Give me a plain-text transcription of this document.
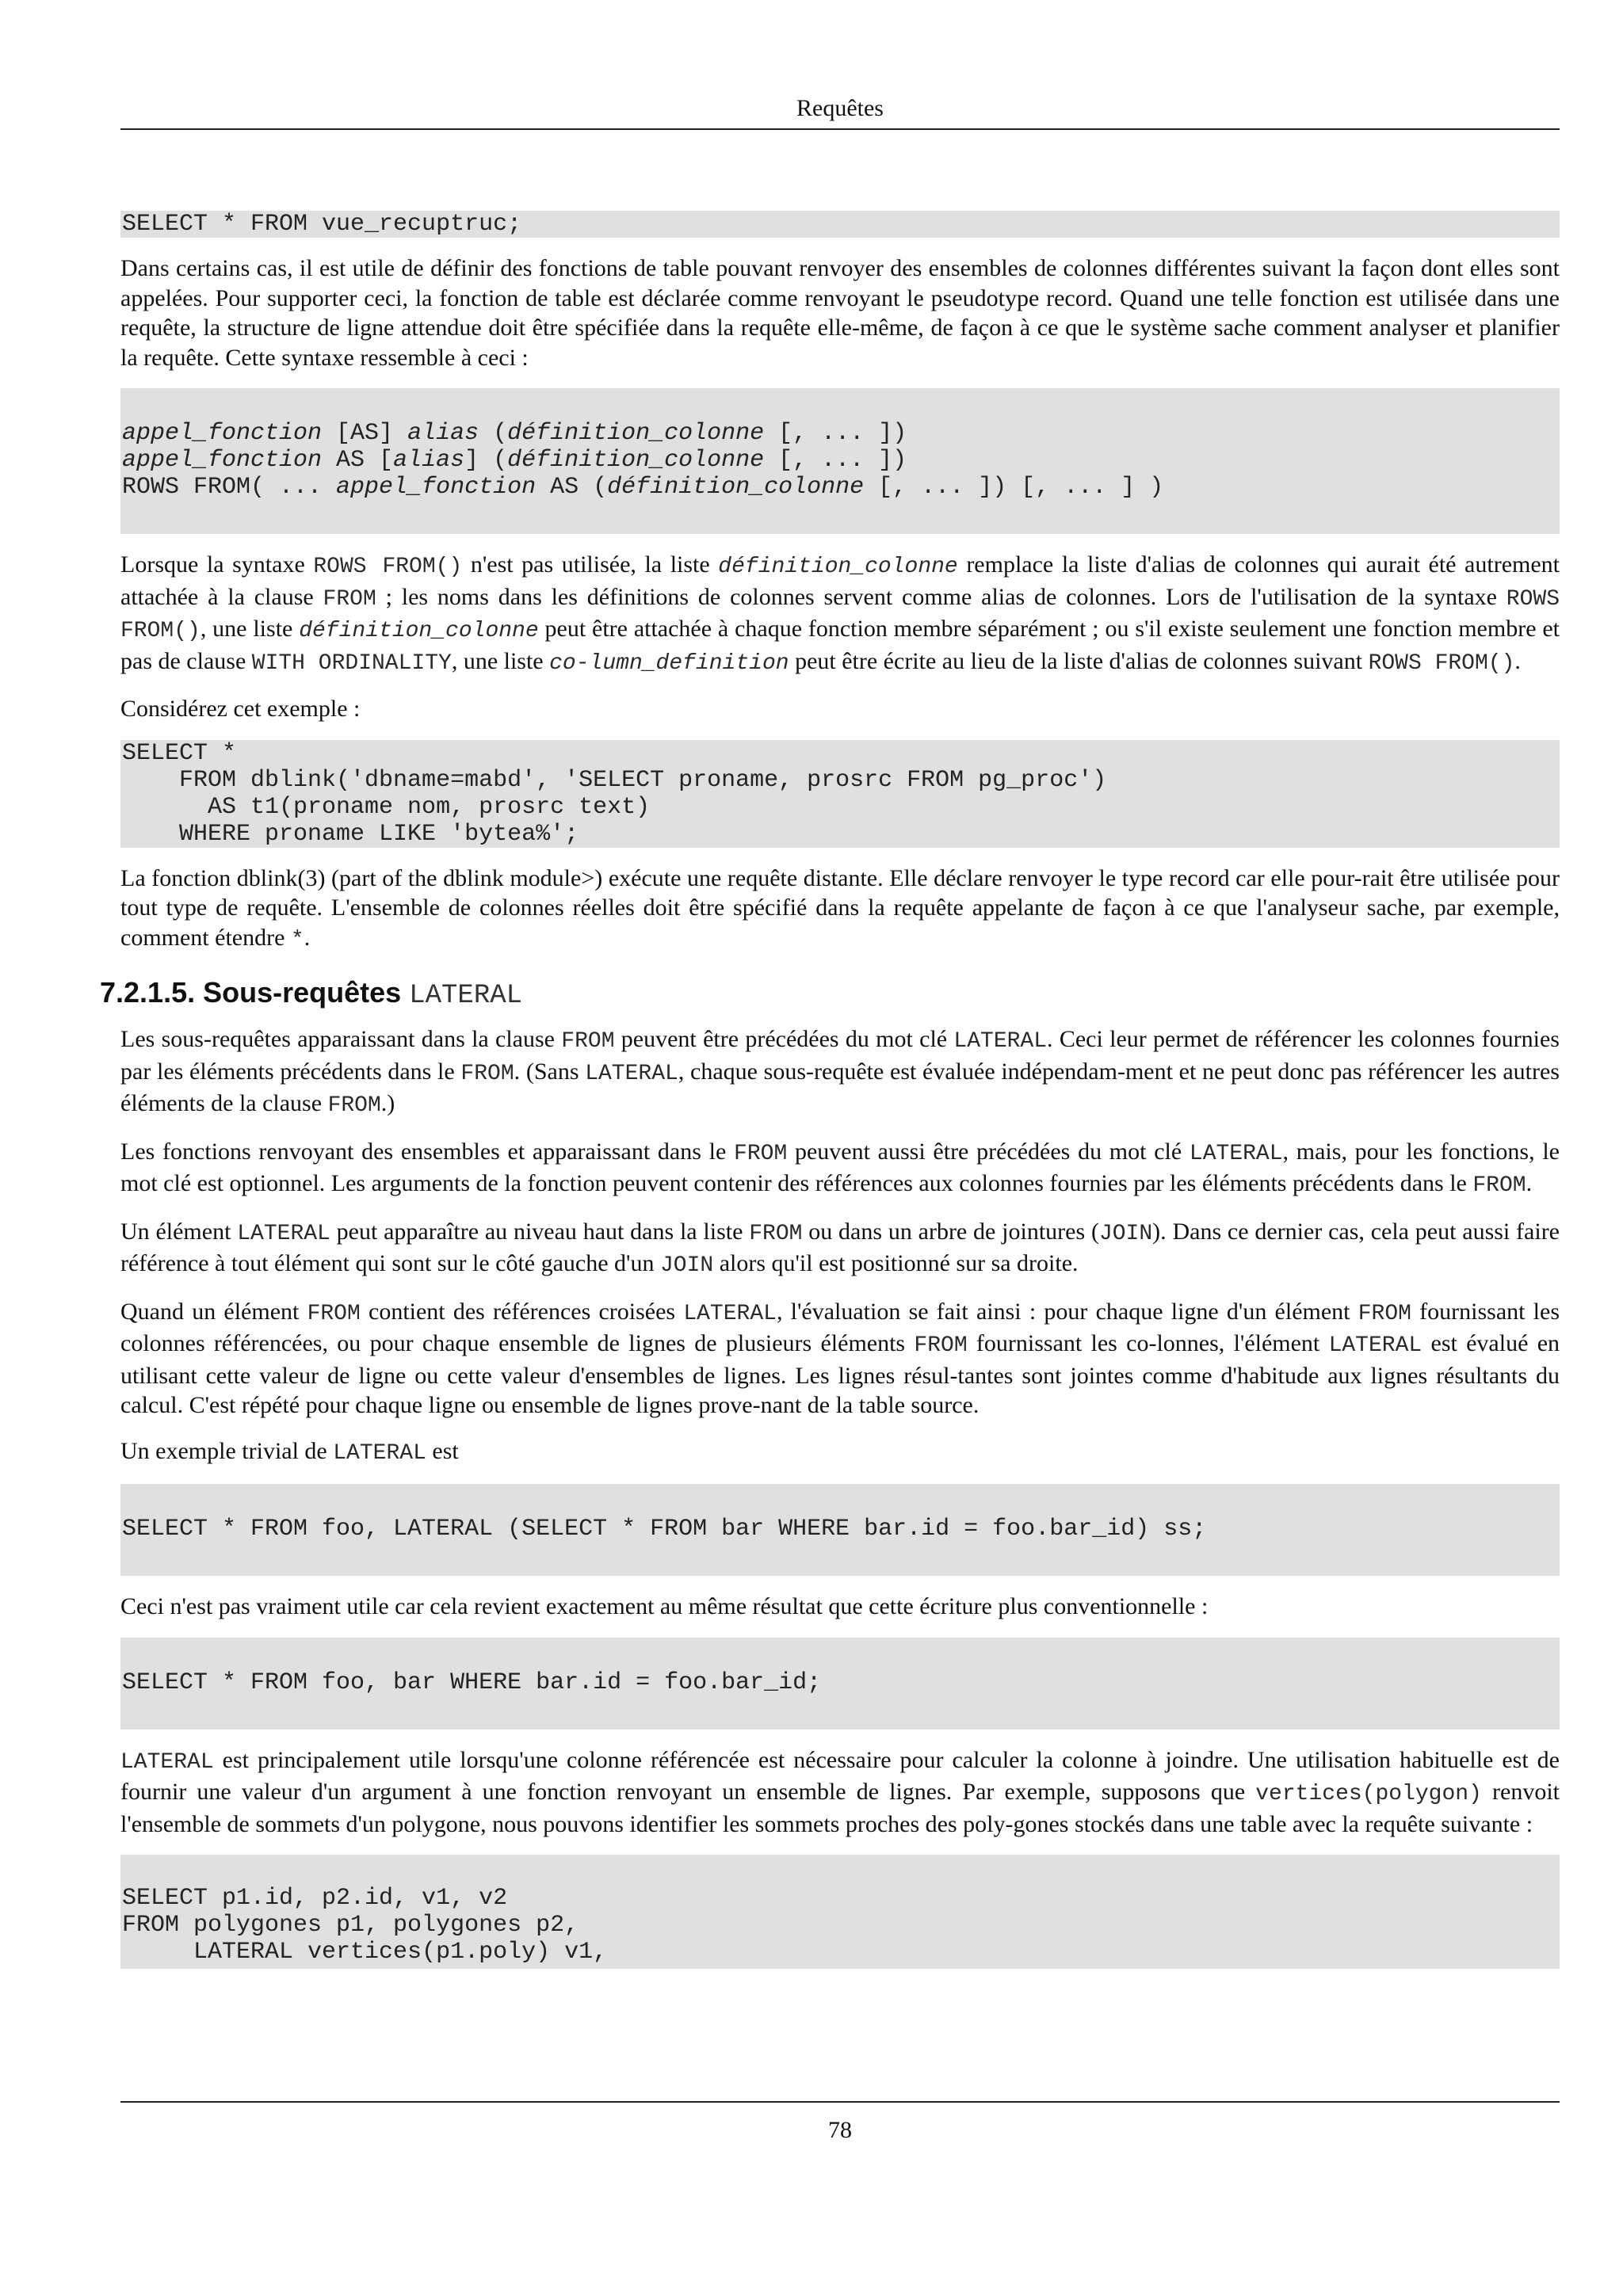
Requêtes
SELECT * FROM vue_recuptruc;

Dans certains cas, il est utile de définir des fonctions de table pouvant renvoyer des ensembles de colonnes différentes suivant la façon dont elles sont appelées. Pour supporter ceci, la fonction de table est déclarée comme renvoyant le pseudotype record. Quand une telle fonction est utilisée dans une requête, la structure de ligne attendue doit être spécifiée dans la requête elle-même, de façon à ce que le système sache comment analyser et planifier la requête. Cette syntaxe ressemble à ceci :

appel_fonction [AS] alias (définition_colonne [, ... ])
appel_fonction AS [alias] (définition_colonne [, ... ])
ROWS FROM( ... appel_fonction AS (définition_colonne [, ... ]) [, ... ] )

Lorsque la syntaxe ROWS FROM() n'est pas utilisée, la liste définition_colonne remplace la liste d'alias de colonnes qui aurait été autrement attachée à la clause FROM ; les noms dans les définitions de colonnes servent comme alias de colonnes. Lors de l'utilisation de la syntaxe ROWS FROM(), une liste définition_colonne peut être attachée à chaque fonction membre séparément ; ou s'il existe seulement une fonction membre et pas de clause WITH ORDINALITY, une liste co-lumn_definition peut être écrite au lieu de la liste d'alias de colonnes suivant ROWS FROM().

Considérez cet exemple :

SELECT *
FROM dblink('dbname=mabd', 'SELECT proname, prosrc FROM pg_proc')
AS t1(proname nom, prosrc text)
WHERE proname LIKE 'bytea%';

La fonction dblink(3) (part of the dblink module>) exécute une requête distante. Elle déclare renvoyer le type record car elle pour-rait être utilisée pour tout type de requête. L'ensemble de colonnes réelles doit être spécifié dans la requête appelante de façon à ce que l'analyseur sache, par exemple, comment étendre *.

7.2.1.5. Sous-requêtes LATERAL

Les sous-requêtes apparaissant dans la clause FROM peuvent être précédées du mot clé LATERAL. Ceci leur permet de référencer les colonnes fournies par les éléments précédents dans le FROM. (Sans LATERAL, chaque sous-requête est évaluée indépendam-ment et ne peut donc pas référencer les autres éléments de la clause FROM.)

Les fonctions renvoyant des ensembles et apparaissant dans le FROM peuvent aussi être précédées du mot clé LATERAL, mais, pour les fonctions, le mot clé est optionnel. Les arguments de la fonction peuvent contenir des références aux colonnes fournies par les éléments précédents dans le FROM.

Un élément LATERAL peut apparaître au niveau haut dans la liste FROM ou dans un arbre de jointures (JOIN). Dans ce dernier cas, cela peut aussi faire référence à tout élément qui sont sur le côté gauche d'un JOIN alors qu'il est positionné sur sa droite.

Quand un élément FROM contient des références croisées LATERAL, l'évaluation se fait ainsi : pour chaque ligne d'un élément FROM fournissant les colonnes référencées, ou pour chaque ensemble de lignes de plusieurs éléments FROM fournissant les co-lonnes, l'élément LATERAL est évalué en utilisant cette valeur de ligne ou cette valeur d'ensembles de lignes. Les lignes résul-tantes sont jointes comme d'habitude aux lignes résultants du calcul. C'est répété pour chaque ligne ou ensemble de lignes prove-nant de la table source.

Un exemple trivial de LATERAL est

SELECT * FROM foo, LATERAL (SELECT * FROM bar WHERE bar.id = foo.bar_id) ss;

Ceci n'est pas vraiment utile car cela revient exactement au même résultat que cette écriture plus conventionnelle :

SELECT * FROM foo, bar WHERE bar.id = foo.bar_id;

LATERAL est principalement utile lorsqu'une colonne référencée est nécessaire pour calculer la colonne à joindre. Une utilisation habituelle est de fournir une valeur d'un argument à une fonction renvoyant un ensemble de lignes. Par exemple, supposons que vertices(polygon) renvoit l'ensemble de sommets d'un polygone, nous pouvons identifier les sommets proches des poly-gones stockés dans une table avec la requête suivante :

SELECT p1.id, p2.id, v1, v2
FROM polygones p1, polygones p2,
LATERAL vertices(p1.poly) v1,
78
